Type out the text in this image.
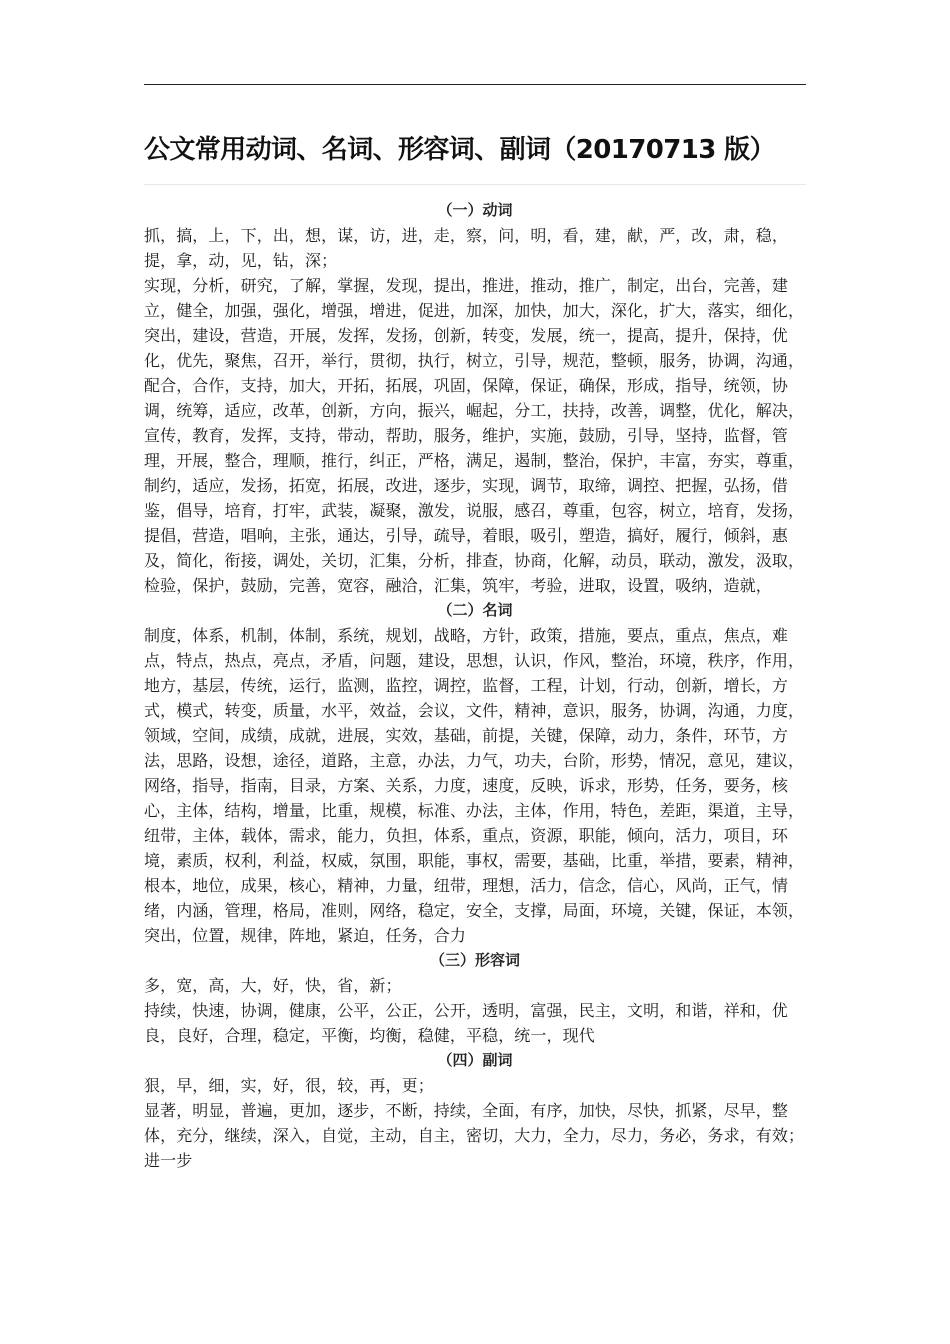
公文常用动词、名词、形容词、副词（20170713 版）
（一）动词

抓，搞，上，下，出，想，谋，访，进，走，察，问，明，看，建，献，严，改，肃，稳，提，拿，动，见，钻，深；

实现，分析，研究，了解，掌握，发现，提出，推进，推动，推广，制定，出台，完善，建立，健全，加强，强化，增强，增进，促进，加深，加快，加大，深化，扩大，落实，细化，突出，建设，营造，开展，发挥，发扬，创新，转变，发展，统一，提高，提升，保持，优化，优先，聚焦，召开，举行，贯彻，执行，树立，引导，规范，整顿，服务，协调，沟通，配合，合作，支持，加大，开拓，拓展，巩固，保障，保证，确保，形成，指导，统领，协调，统筹，适应，改革，创新，方向，振兴，崛起，分工，扶持，改善，调整，优化，解决，宣传，教育，发挥，支持，带动，帮助，服务，维护，实施，鼓励，引导，坚持，监督，管理，开展，整合，理顺，推行，纠正，严格，满足，遏制，整治，保护，丰富，夯实，尊重，制约，适应，发扬，拓宽，拓展，改进，逐步，实现，调节，取缔，调控、把握，弘扬，借鉴，倡导，培育，打牢，武装，凝聚，激发，说服，感召，尊重，包容，树立，培育，发扬，提倡，营造，唱响，主张，通达，引导，疏导，着眼，吸引，塑造，搞好，履行，倾斜，惠及，简化，衔接，调处，关切，汇集，分析，排查，协商，化解，动员，联动，激发，汲取，检验，保护，鼓励，完善，宽容，融洽，汇集，筑牢，考验，进取，设置，吸纳，造就，

（二）名词

制度，体系，机制，体制，系统，规划，战略，方针，政策，措施，要点，重点，焦点，难点，特点，热点，亮点，矛盾，问题，建设，思想，认识，作风，整治，环境，秩序，作用，地方，基层，传统，运行，监测，监控，调控，监督，工程，计划，行动，创新，增长，方式，模式，转变，质量，水平，效益，会议，文件，精神，意识，服务，协调，沟通，力度，领域，空间，成绩，成就，进展，实效，基础，前提，关键，保障，动力，条件，环节，方法，思路，设想，途径，道路，主意，办法，力气，功夫，台阶，形势，情况，意见，建议，网络，指导，指南，目录，方案、关系，力度，速度，反映，诉求，形势，任务，要务，核心，主体，结构，增量，比重，规模，标准、办法，主体，作用，特色，差距，渠道，主导，纽带，主体，载体，需求，能力，负担，体系，重点，资源，职能，倾向，活力，项目，环境，素质，权利，利益，权威，氛围，职能，事权，需要，基础，比重，举措，要素，精神，根本，地位，成果，核心，精神，力量，纽带，理想，活力，信念，信心，风尚，正气，情绪，内涵，管理，格局，准则，网络，稳定，安全，支撑，局面，环境，关键，保证，本领，突出，位置，规律，阵地，紧迫，任务，合力

（三）形容词

多，宽，高，大，好，快，省，新；

持续，快速，协调，健康，公平，公正，公开，透明，富强，民主，文明，和谐，祥和，优良，良好，合理，稳定，平衡，均衡，稳健，平稳，统一，现代

（四）副词

狠，早，细，实，好，很，较，再，更；

显著，明显，普遍，更加，逐步，不断，持续，全面，有序，加快，尽快，抓紧，尽早，整体，充分，继续，深入，自觉，主动，自主，密切，大力，全力，尽力，务必，务求，有效；进一步
